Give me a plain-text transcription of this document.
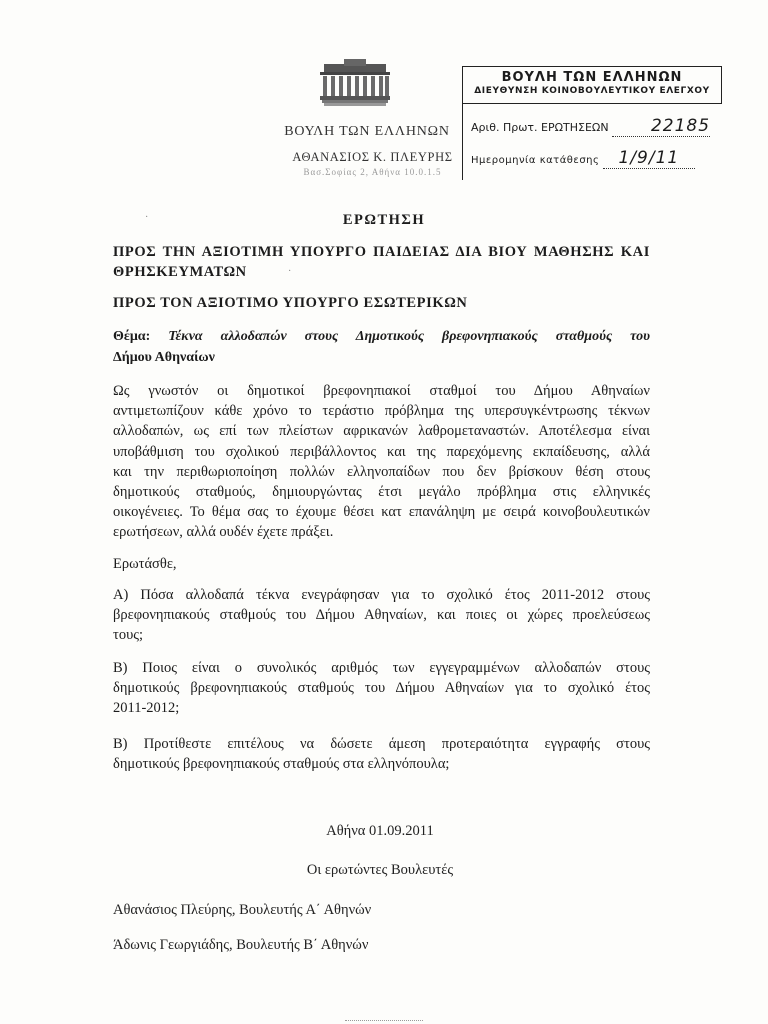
ΒΟΥΛΗ ΤΩΝ ΕΛΛΗΝΩΝ
ΑΘΑΝΑΣΙΟΣ Κ. ΠΛΕΥΡΗΣ
Βασ.Σοφίας 2, Αθήνα 10.0.1.5
ΒΟΥΛΗ ΤΩΝ ΕΛΛΗΝΩΝ
ΔΙΕΥΘΥΝΣΗ ΚΟΙΝΟΒΟΥΛΕΥΤΙΚΟΥ ΕΛΕΓΧΟΥ
Αριθ. Πρωτ. ΕΡΩΤΗΣΕΩΝ 22185
Ημερομηνία κατάθεσης 1/9/11
ΕΡΩΤΗΣΗ
ΠΡΟΣ ΤΗΝ ΑΞΙΟΤΙΜΗ ΥΠΟΥΡΓΟ ΠΑΙΔΕΙΑΣ ΔΙΑ ΒΙΟΥ ΜΑΘΗΣΗΣ ΚΑΙ
ΘΡΗΣΚΕΥΜΑΤΩΝ
ΠΡΟΣ ΤΟΝ ΑΞΙΟΤΙΜΟ ΥΠΟΥΡΓΟ ΕΣΩΤΕΡΙΚΩΝ
Θέμα: Τέκνα αλλοδαπών στους Δημοτικούς βρεφονηπιακούς σταθμούς του
Δήμου Αθηναίων
Ως γνωστόν οι δημοτικοί βρεφονηπιακοί σταθμοί του Δήμου Αθηναίων
αντιμετωπίζουν κάθε χρόνο το τεράστιο πρόβλημα της υπερσυγκέντρωσης τέκνων
αλλοδαπών, ως επί των πλείστων αφρικανών λαθρομεταναστών. Αποτέλεσμα είναι
υποβάθμιση του σχολικού περιβάλλοντος και της παρεχόμενης εκπαίδευσης, αλλά
και την περιθωριοποίηση πολλών ελληνοπαίδων που δεν βρίσκουν θέση στους
δημοτικούς σταθμούς, δημιουργώντας έτσι μεγάλο πρόβλημα στις ελληνικές
οικογένειες. Το θέμα σας το έχουμε θέσει κατ επανάληψη με σειρά κοινοβουλευτικών
ερωτήσεων, αλλά ουδέν έχετε πράξει.
Ερωτάσθε,
Α) Πόσα αλλοδαπά τέκνα ενεγράφησαν για το σχολικό έτος 2011-2012 στους
βρεφονηπιακούς σταθμούς του Δήμου Αθηναίων, και ποιες οι χώρες προελεύσεως
τους;
Β) Ποιος είναι ο συνολικός αριθμός των εγγεγραμμένων αλλοδαπών στους
δημοτικούς βρεφονηπιακούς σταθμούς του Δήμου Αθηναίων για το σχολικό έτος
2011-2012;
Β) Προτίθεστε επιτέλους να δώσετε άμεση προτεραιότητα εγγραφής στους
δημοτικούς βρεφονηπιακούς σταθμούς στα ελληνόπουλα;
Αθήνα 01.09.2011
Οι ερωτώντες Βουλευτές
Αθανάσιος Πλεύρης, Βουλευτής Α΄ Αθηνών
Άδωνις Γεωργιάδης, Βουλευτής Β΄ Αθηνών
·
·
